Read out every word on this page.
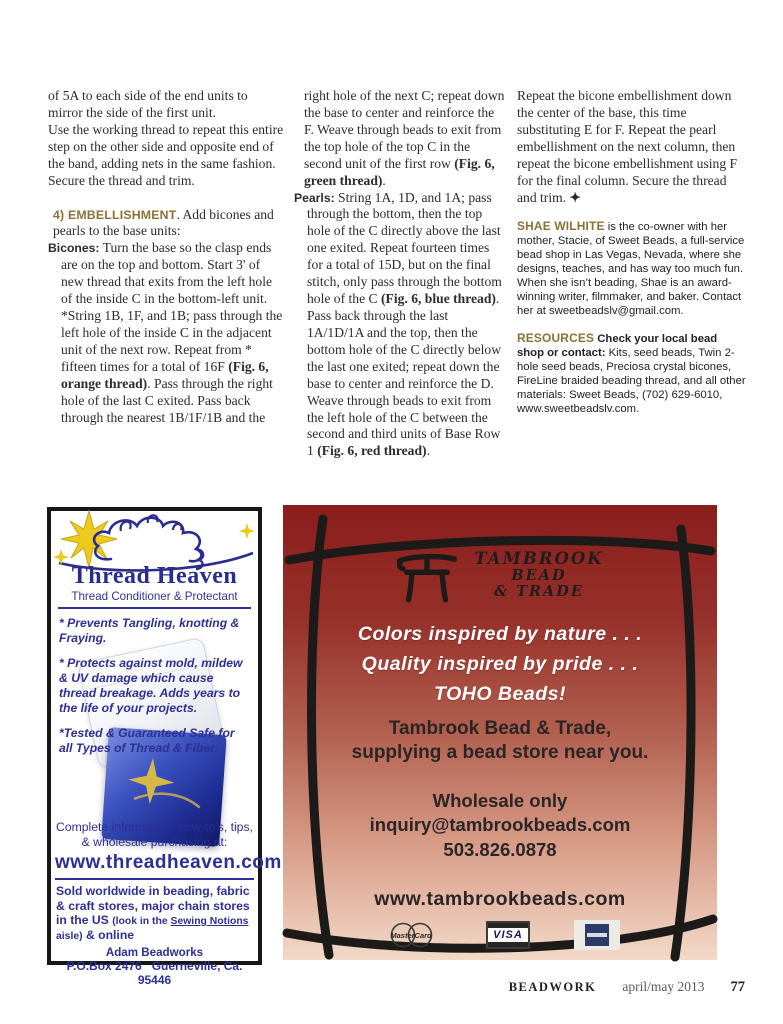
of 5A to each side of the end units to mirror the side of the first unit.

Use the working thread to repeat this entire step on the other side and opposite end of the band, adding nets in the same fashion. Secure the thread and trim.

4) EMBELLISHMENT. Add bicones and pearls to the base units:

Bicones: Turn the base so the clasp ends are on the top and bottom. Start 3' of new thread that exits from the left hole of the inside C in the bottom-left unit. *String 1B, 1F, and 1B; pass through the left hole of the inside C in the adjacent unit of the next row. Repeat from * fifteen times for a total of 16F (Fig. 6, orange thread). Pass through the right hole of the last C exited. Pass back through the nearest 1B/1F/1B and the

right hole of the next C; repeat down the base to center and reinforce the F. Weave through beads to exit from the top hole of the top C in the second unit of the first row (Fig. 6, green thread).

Pearls: String 1A, 1D, and 1A; pass through the bottom, then the top hole of the C directly above the last one exited. Repeat fourteen times for a total of 15D, but on the final stitch, only pass through the bottom hole of the C (Fig. 6, blue thread). Pass back through the last 1A/1D/1A and the top, then the bottom hole of the C directly below the last one exited; repeat down the base to center and reinforce the D. Weave through beads to exit from the left hole of the C between the second and third units of Base Row 1 (Fig. 6, red thread).

Repeat the bicone embellishment down the center of the base, this time substituting E for F. Repeat the pearl embellishment on the next column, then repeat the bicone embellishment using F for the final column. Secure the thread and trim. ✦

SHAE WILHITE is the co-owner with her mother, Stacie, of Sweet Beads, a full-service bead shop in Las Vegas, Nevada, where she designs, teaches, and has way too much fun. When she isn’t beading, Shae is an award-winning writer, filmmaker, and baker. Contact her at sweetbeadslv@gmail.com.

RESOURCES Check your local bead shop or contact: Kits, seed beads, Twin 2-hole seed beads, Preciosa crystal bicones, FireLine braided beading thread, and all other materials: Sweet Beads, (702) 629-6010, www.sweetbeadslv.com.

Thread Heaven
Thread Conditioner & Protectant
* Prevents Tangling, knotting & Fraying.
* Protects against mold, mildew & UV damage which cause thread breakage. Adds years to the life of your projects.
*Tested & Guaranteed Safe for all Types of Thread & Fiber.
Complete information, how-to’s, tips,
& wholesale purchasing at:
www.threadheaven.com
Sold worldwide in beading, fabric & craft stores, major chain stores in the US (look in the Sewing Notions aisle) & online
Adam Beadworks
P.O.Box 2476   Guerneville, Ca. 95446
TAMBROOK
BEAD
& TRADE
Colors inspired by nature . . .
Quality inspired by pride . . .
TOHO Beads!
Tambrook Bead & Trade,
supplying a bead store near you.
Wholesale only
inquiry@tambrookbeads.com
503.826.0878
www.tambrookbeads.com
MasterCard	VISA
BEADWORK april/may 2013 77
